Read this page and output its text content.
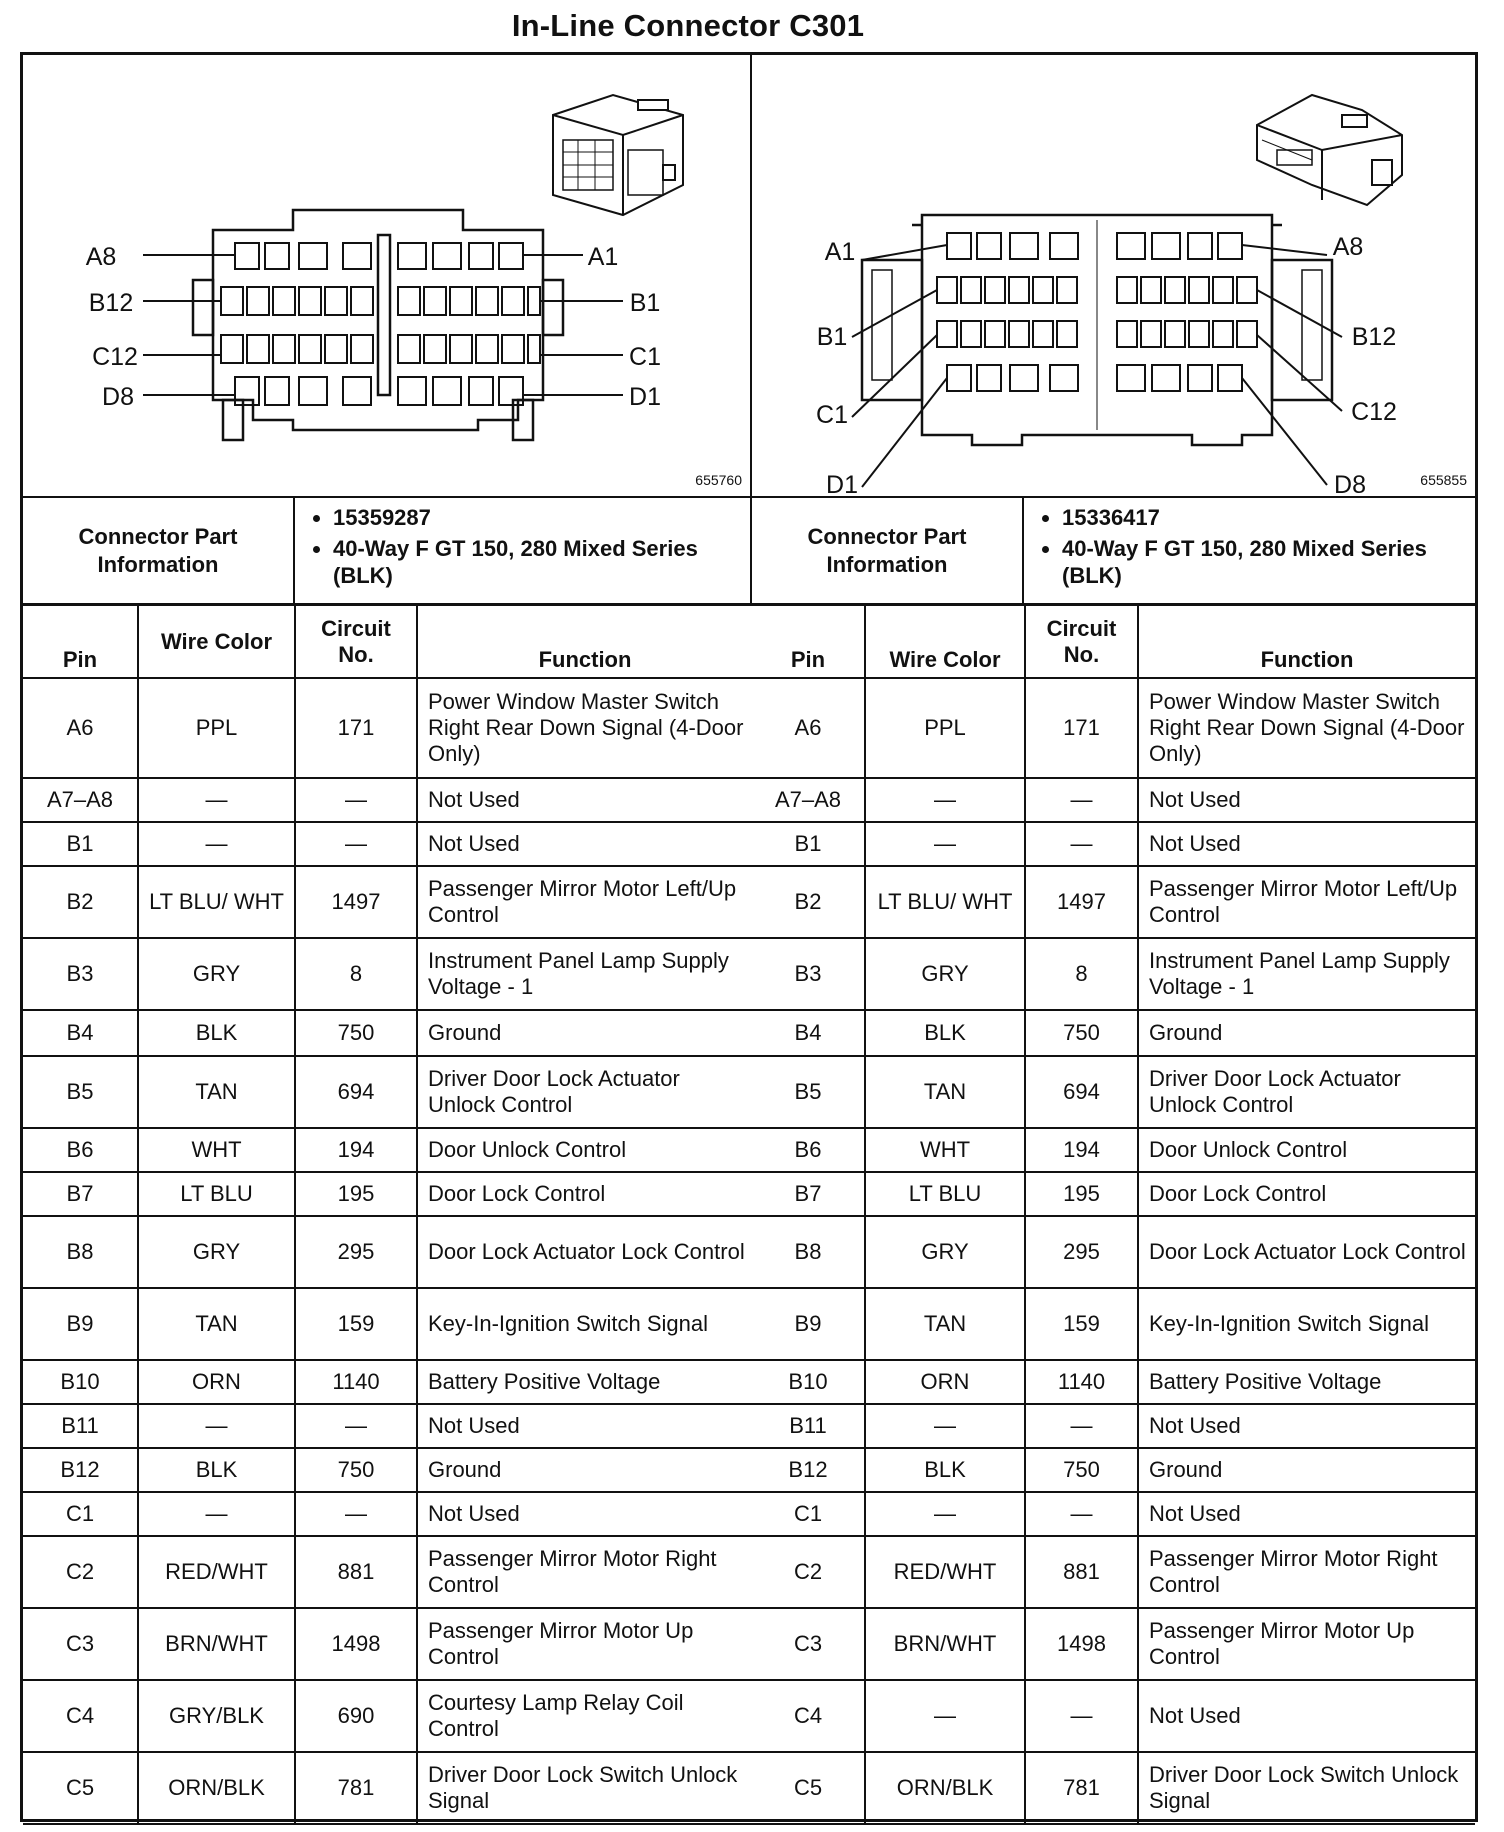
In-Line Connector C301
A8
B12
C12
D8
A1
B1
C1
D1
655760
A1
B1
C1
D1
A8
B12
C12
D8	655855
Connector Part Information
• 15359287
• 40-Way F GT 150, 280 Mixed Series (BLK)
Connector Part Information
• 15336417
• 40-Way F GT 150, 280 Mixed Series (BLK)
Pin	Wire Color	Circuit No.	Function
A6	PPL	171	Power Window Master Switch Right Rear Down Signal (4-Door Only)
A7–A8	—	—	Not Used
B1	—	—	Not Used
B2	LT BLU/ WHT	1497	Passenger Mirror Motor Left/Up Control
B3	GRY	8	Instrument Panel Lamp Supply Voltage - 1
B4	BLK	750	Ground
B5	TAN	694	Driver Door Lock Actuator Unlock Control
B6	WHT	194	Door Unlock Control
B7	LT BLU	195	Door Lock Control
B8	GRY	295	Door Lock Actuator Lock Control
B9	TAN	159	Key-In-Ignition Switch Signal
B10	ORN	1140	Battery Positive Voltage
B11	—	—	Not Used
B12	BLK	750	Ground
C1	—	—	Not Used
C2	RED/WHT	881	Passenger Mirror Motor Right Control
C3	BRN/WHT	1498	Passenger Mirror Motor Up Control
C4	GRY/BLK	690	Courtesy Lamp Relay Coil Control
C5	ORN/BLK	781	Driver Door Lock Switch Unlock Signal
Pin	Wire Color	Circuit No.	Function
A6	PPL	171	Power Window Master Switch Right Rear Down Signal (4-Door Only)
A7–A8	—	—	Not Used
B1	—	—	Not Used
B2	LT BLU/ WHT	1497	Passenger Mirror Motor Left/Up Control
B3	GRY	8	Instrument Panel Lamp Supply Voltage - 1
B4	BLK	750	Ground
B5	TAN	694	Driver Door Lock Actuator Unlock Control
B6	WHT	194	Door Unlock Control
B7	LT BLU	195	Door Lock Control
B8	GRY	295	Door Lock Actuator Lock Control
B9	TAN	159	Key-In-Ignition Switch Signal
B10	ORN	1140	Battery Positive Voltage
B11	—	—	Not Used
B12	BLK	750	Ground
C1	—	—	Not Used
C2	RED/WHT	881	Passenger Mirror Motor Right Control
C3	BRN/WHT	1498	Passenger Mirror Motor Up Control
C4	—	—	Not Used
C5	ORN/BLK	781	Driver Door Lock Switch Unlock Signal
